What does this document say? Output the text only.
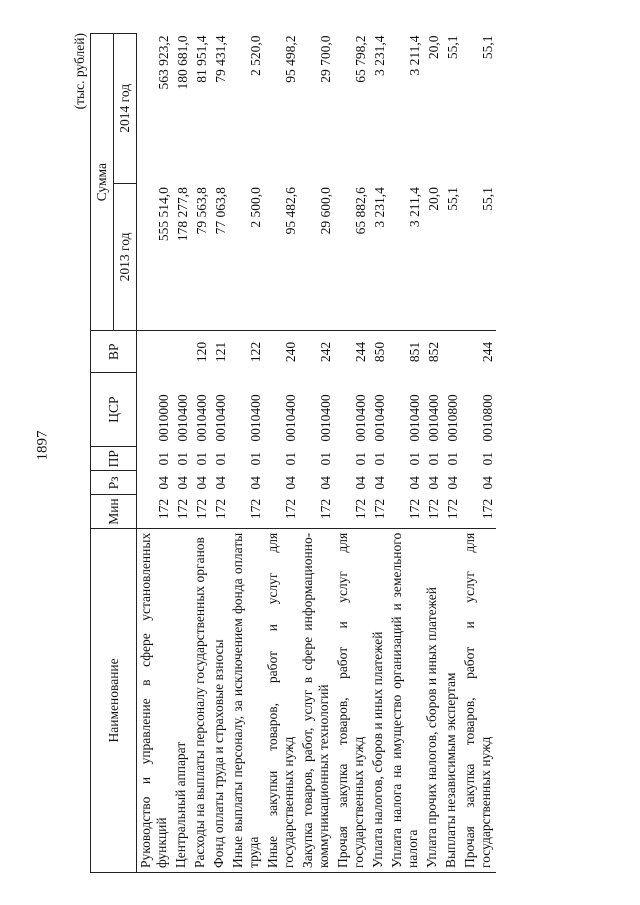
1897
(тыс. рублей)
Наименование	Мин	Рз	ПР	ЦСР	ВР	Сумма	
						2013 год	2014 год
Руководство и управление в сфере установленных функций	172	04	01	0010000		555 514,0	563 923,2
Центральный аппарат	172	04	01	0010400		178 277,8	180 681,0
Расходы на выплаты персоналу государственных органов	172	04	01	0010400	120	79 563,8	81 951,4
Фонд оплаты труда и страховые взносы	172	04	01	0010400	121	77 063,8	79 431,4
Иные выплаты персоналу, за исключением фонда оплаты труда	172	04	01	0010400	122	2 500,0	2 520,0
Иные закупки товаров, работ и услуг для государственных нужд	172	04	01	0010400	240	95 482,6	95 498,2
Закупка товаров, работ, услуг в сфере информационно-коммуникационных технологий	172	04	01	0010400	242	29 600,0	29 700,0
Прочая закупка товаров, работ и услуг для государственных нужд	172	04	01	0010400	244	65 882,6	65 798,2
Уплата налогов, сборов и иных платежей	172	04	01	0010400	850	3 231,4	3 231,4
Уплата налога на имущество организаций и земельного налога	172	04	01	0010400	851	3 211,4	3 211,4
Уплата прочих налогов, сборов и иных платежей	172	04	01	0010400	852	20,0	20,0
Выплаты независимым экспертам	172	04	01	0010800		55,1	55,1
Прочая закупка товаров, работ и услуг для государственных нужд	172	04	01	0010800	244	55,1	55,1
